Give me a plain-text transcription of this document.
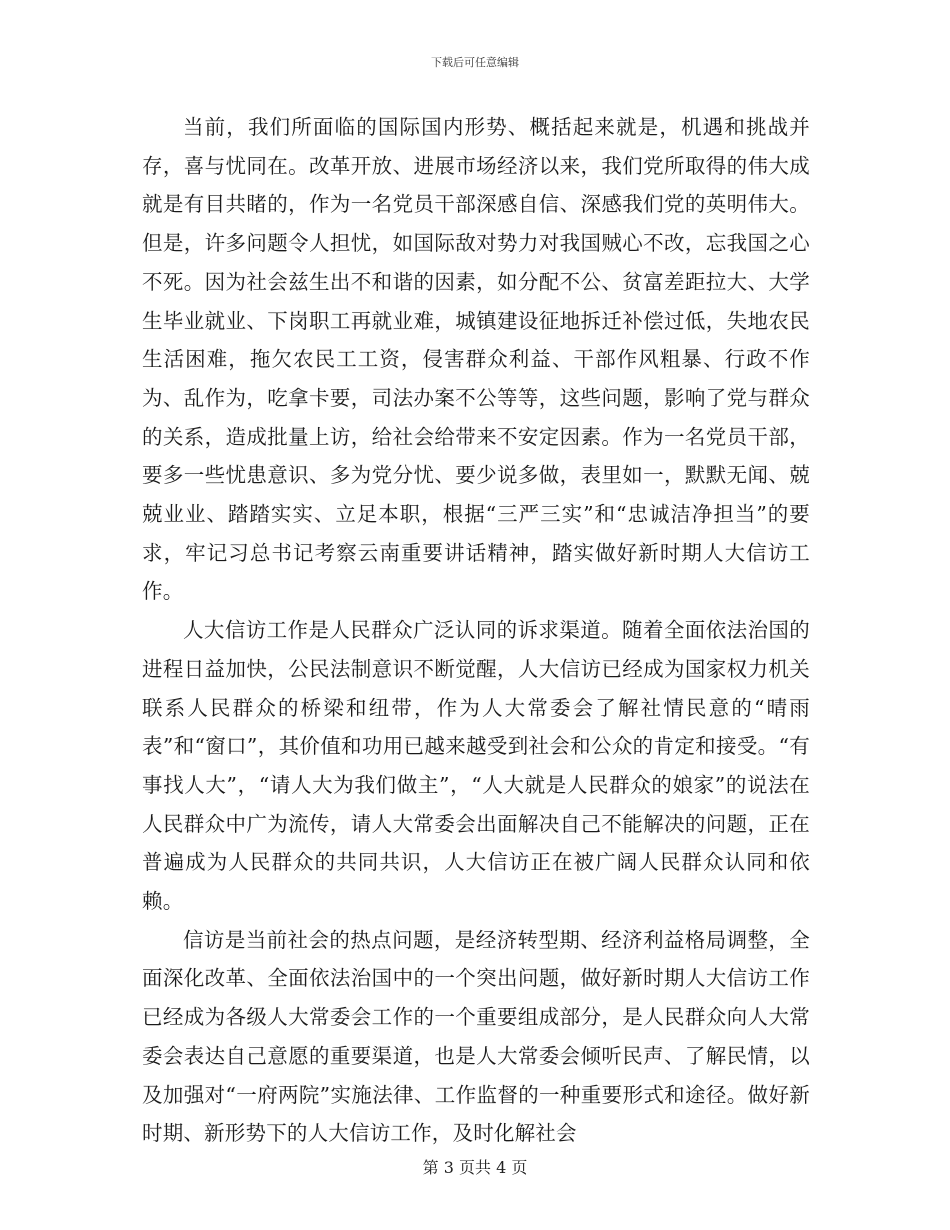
下载后可任意编辑

当前，我们所面临的国际国内形势、概括起来就是，机遇和挑战并存，喜与忧同在。改革开放、进展市场经济以来，我们党所取得的伟大成就是有目共睹的，作为一名党员干部深感自信、深感我们党的英明伟大。但是，许多问题令人担忧，如国际敌对势力对我国贼心不改，忘我国之心不死。因为社会兹生出不和谐的因素，如分配不公、贫富差距拉大、大学生毕业就业、下岗职工再就业难，城镇建设征地拆迁补偿过低，失地农民生活困难，拖欠农民工工资，侵害群众利益、干部作风粗暴、行政不作为、乱作为，吃拿卡要，司法办案不公等等，这些问题，影响了党与群众的关系，造成批量上访，给社会给带来不安定因素。作为一名党员干部，要多一些忧患意识、多为党分忧、要少说多做，表里如一，默默无闻、兢兢业业、踏踏实实、立足本职，根据“三严三实”和“忠诚洁净担当”的要求，牢记习总书记考察云南重要讲话精神，踏实做好新时期人大信访工作。

人大信访工作是人民群众广泛认同的诉求渠道。随着全面依法治国的进程日益加快，公民法制意识不断觉醒，人大信访已经成为国家权力机关联系人民群众的桥梁和纽带，作为人大常委会了解社情民意的“晴雨表”和“窗口”，其价值和功用已越来越受到社会和公众的肯定和接受。“有事找人大”，“请人大为我们做主”，“人大就是人民群众的娘家”的说法在人民群众中广为流传，请人大常委会出面解决自己不能解决的问题，正在普遍成为人民群众的共同共识，人大信访正在被广阔人民群众认同和依赖。

信访是当前社会的热点问题，是经济转型期、经济利益格局调整，全面深化改革、全面依法治国中的一个突出问题，做好新时期人大信访工作已经成为各级人大常委会工作的一个重要组成部分，是人民群众向人大常委会表达自己意愿的重要渠道，也是人大常委会倾听民声、了解民情，以及加强对“一府两院”实施法律、工作监督的一种重要形式和途径。做好新时期、新形势下的人大信访工作，及时化解社会

第 3 页共 4 页
